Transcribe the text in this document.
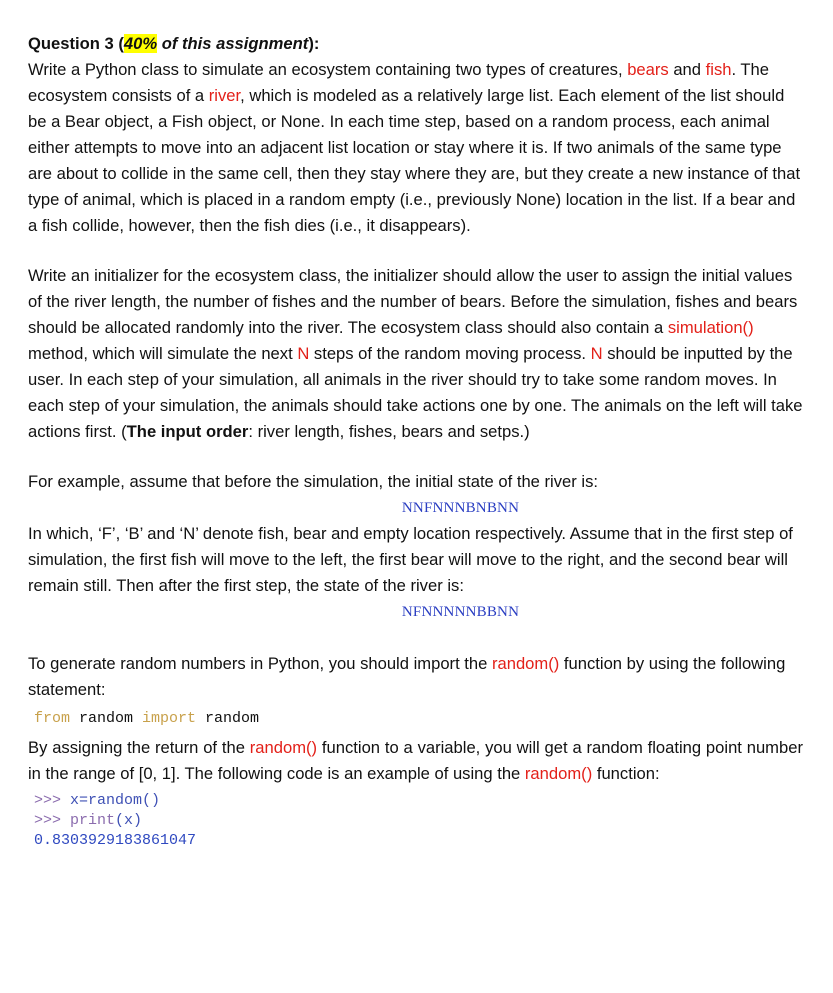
Question 3 (40% of this assignment):

Write a Python class to simulate an ecosystem containing two types of creatures, bears and fish. The ecosystem consists of a river, which is modeled as a relatively large list. Each element of the list should be a Bear object, a Fish object, or None. In each time step, based on a random process, each animal either attempts to move into an adjacent list location or stay where it is. If two animals of the same type are about to collide in the same cell, then they stay where they are, but they create a new instance of that type of animal, which is placed in a random empty (i.e., previously None) location in the list. If a bear and a fish collide, however, then the fish dies (i.e., it disappears).

Write an initializer for the ecosystem class, the initializer should allow the user to assign the initial values of the river length, the number of fishes and the number of bears. Before the simulation, fishes and bears should be allocated randomly into the river. The ecosystem class should also contain a simulation() method, which will simulate the next N steps of the random moving process. N should be inputted by the user. In each step of your simulation, all animals in the river should try to take some random moves. In each step of your simulation, the animals should take actions one by one. The animals on the left will take actions first. (The input order: river length, fishes, bears and setps.)

For example, assume that before the simulation, the initial state of the river is:

NNFNNNBNBNN

In which, ‘F’, ‘B’ and ‘N’ denote fish, bear and empty location respectively. Assume that in the first step of simulation, the first fish will move to the left, the first bear will move to the right, and the second bear will remain still. Then after the first step, the state of the river is:

NFNNNNNBBNN

To generate random numbers in Python, you should import the random() function by using the following statement:

from random import random

By assigning the return of the random() function to a variable, you will get a random floating point number in the range of [0, 1]. The following code is an example of using the random() function:

>>> x=random()
>>> print(x)
0.8303929183861047
